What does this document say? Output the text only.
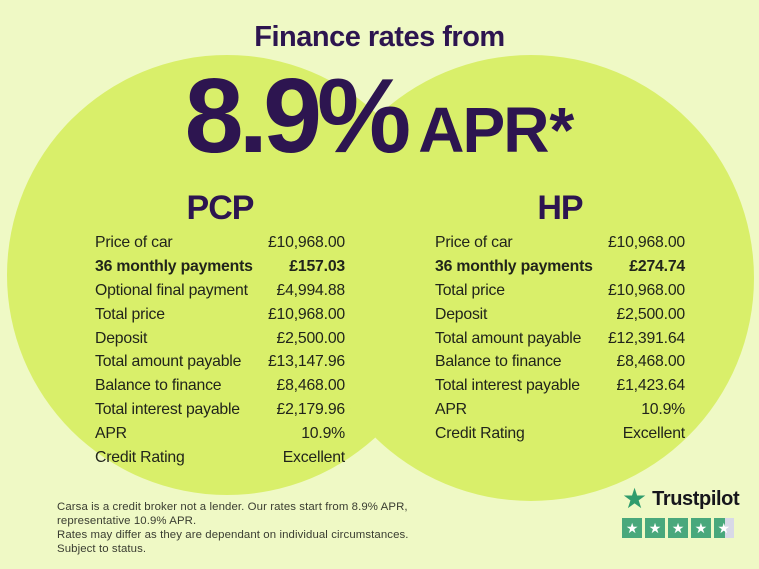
Finance rates from
8.9% APR *
PCP
Price of car	£10,968.00
36 monthly payments £157.03
Optional final payment £4,994.88
Total price	£10,968.00
Deposit	£2,500.00
Total amount payable £13,147.96
Balance to finance	£8,468.00
Total interest payable £2,179.96
APR	10.9%
Credit Rating	Excellent
HP
Price of car	£10,968.00
36 monthly payments £274.74
Total price	£10,968.00
Deposit	£2,500.00
Total amount payable £12,391.64
Balance to finance	£8,468.00
Total interest payable £1,423.64
APR	10.9%
Credit Rating	Excellent
Carsa is a credit broker not a lender. Our rates start from 8.9% APR, representative 10.9% APR.
Rates may differ as they are dependant on individual circumstances. Subject to status.
★ Trustpilot
★ ★ ★ ★ ★
